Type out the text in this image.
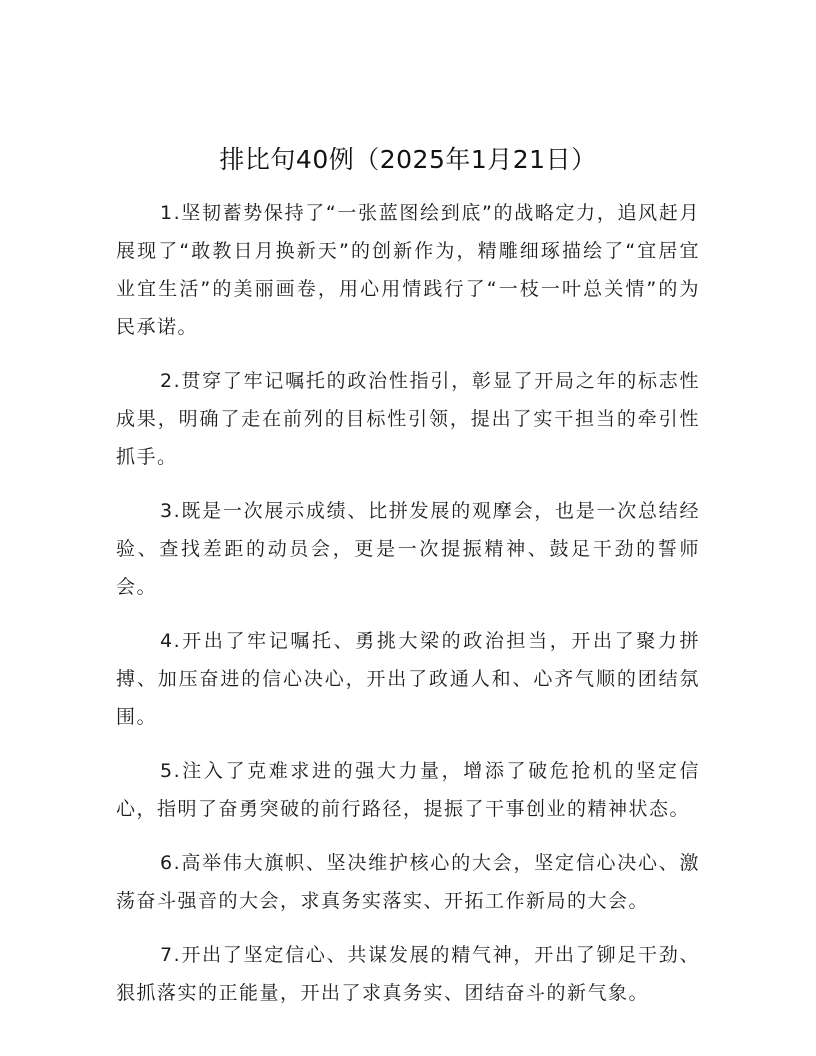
排比句40例（2025年1月21日）

1.坚韧蓄势保持了“一张蓝图绘到底”的战略定力，追风赶月展现了“敢教日月换新天”的创新作为，精雕细琢描绘了“宜居宜业宜生活”的美丽画卷，用心用情践行了“一枝一叶总关情”的为民承诺。

2.贯穿了牢记嘱托的政治性指引，彰显了开局之年的标志性成果，明确了走在前列的目标性引领，提出了实干担当的牵引性抓手。

3.既是一次展示成绩、比拼发展的观摩会，也是一次总结经验、查找差距的动员会，更是一次提振精神、鼓足干劲的誓师会。

4.开出了牢记嘱托、勇挑大梁的政治担当，开出了聚力拼搏、加压奋进的信心决心，开出了政通人和、心齐气顺的团结氛围。

5.注入了克难求进的强大力量，增添了破危抢机的坚定信心，指明了奋勇突破的前行路径，提振了干事创业的精神状态。

6.高举伟大旗帜、坚决维护核心的大会，坚定信心决心、激荡奋斗强音的大会，求真务实落实、开拓工作新局的大会。

7.开出了坚定信心、共谋发展的精气神，开出了铆足干劲、狠抓落实的正能量，开出了求真务实、团结奋斗的新气象。
